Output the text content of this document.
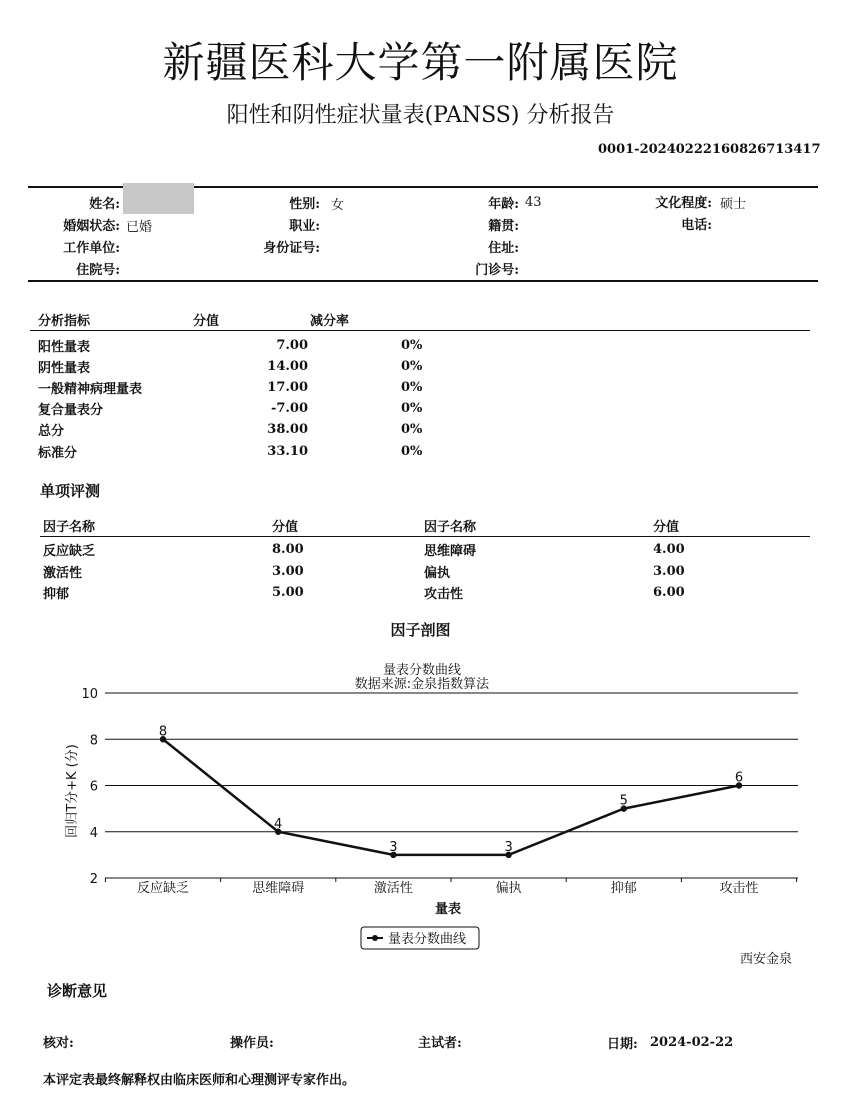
新疆医科大学第一附属医院
阳性和阴性症状量表(PANSS) 分析报告
0001-20240222160826713417
姓名:	性别: 女	年龄: 43	文化程度: 硕士
婚姻状态: 已婚	职业:	籍贯:	电话:
工作单位:	身份证号:	住址:
住院号:	门诊号:
分析指标	分值	减分率
阳性量表	7.00	0%
阴性量表	14.00	0%
一般精神病理量表	17.00	0%
复合量表分	-7.00	0%
总分	38.00	0%
标准分	33.10	0%
单项评测
因子名称	分值	因子名称	分值
反应缺乏	8.00	思维障碍	4.00
激活性	3.00	偏执	3.00
抑郁	5.00	攻击性	6.00
因子剖图
量表分数曲线
数据来源:金泉指数算法
2
4
6
8
10
反应缺乏	思维障碍	激活性	偏执	抑郁	攻击性
8
4
3	3
5
6
回归T分+K (分)
量表
量表分数曲线
西安金泉
诊断意见
核对:	操作员:	主试者:	日期: 2024-02-22
本评定表最终解释权由临床医师和心理测评专家作出。
